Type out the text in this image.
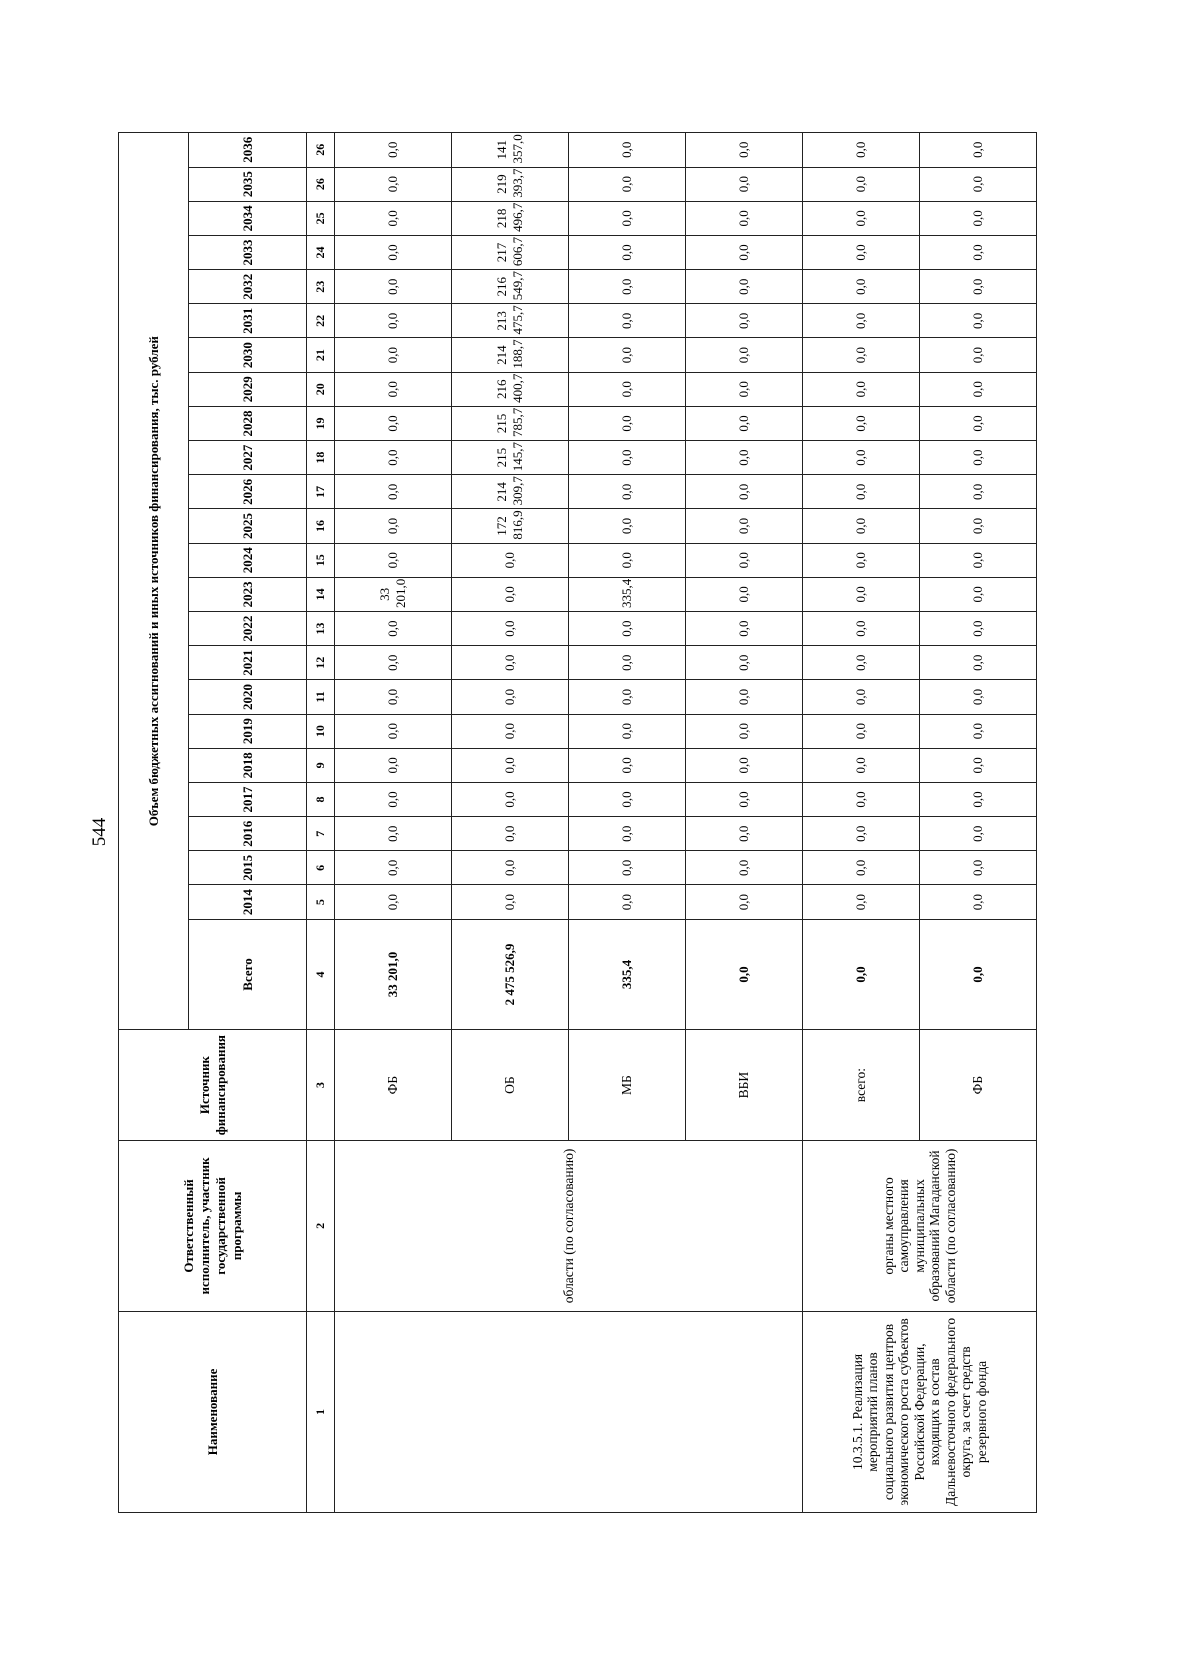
544
Наименование	Ответственный исполнитель, участник государственной программы	Источник финансирования	Объем бюджетных ассигнований и иных источников финансирования, тыс. рублей																							
			Всего	2014	2015	2016	2017	2018	2019	2020	2021	2022	2023	2024	2025	2026	2027	2028	2029	2030	2031	2032	2033	2034	2035	2036
1	2	3	4	5	6	7	8	9	10	11	12	13	14	15	16	17	18	19	20	21	22	23	24	25	26	26
	области (по согласованию)	ФБ	33 201,0	0,0	0,0	0,0	0,0	0,0	0,0	0,0	0,0	0,0	33 201,0	0,0	0,0	0,0	0,0	0,0	0,0	0,0	0,0	0,0	0,0	0,0	0,0	0,0
		ОБ	2 475 526,9	0,0	0,0	0,0	0,0	0,0	0,0	0,0	0,0	0,0	0,0	0,0	172 816,9	214 309,7	215 145,7	215 785,7	216 400,7	214 188,7	213 475,7	216 549,7	217 606,7	218 496,7	219 393,7	141 357,0
		МБ	335,4	0,0	0,0	0,0	0,0	0,0	0,0	0,0	0,0	0,0	335,4	0,0	0,0	0,0	0,0	0,0	0,0	0,0	0,0	0,0	0,0	0,0	0,0	0,0
		ВБИ	0,0	0,0	0,0	0,0	0,0	0,0	0,0	0,0	0,0	0,0	0,0	0,0	0,0	0,0	0,0	0,0	0,0	0,0	0,0	0,0	0,0	0,0	0,0	0,0
10.3.5.1. Реализация мероприятий планов социального развития центров экономического роста субъектов Российской Федерации, входящих в состав Дальневосточного федерального округа, за счет средств резервного фонда	органы местного самоуправления муниципальных образований Магаданской области (по согласованию)	всего:	0,0	0,0	0,0	0,0	0,0	0,0	0,0	0,0	0,0	0,0	0,0	0,0	0,0	0,0	0,0	0,0	0,0	0,0	0,0	0,0	0,0	0,0	0,0	0,0
		ФБ	0,0	0,0	0,0	0,0	0,0	0,0	0,0	0,0	0,0	0,0	0,0	0,0	0,0	0,0	0,0	0,0	0,0	0,0	0,0	0,0	0,0	0,0	0,0	0,0
